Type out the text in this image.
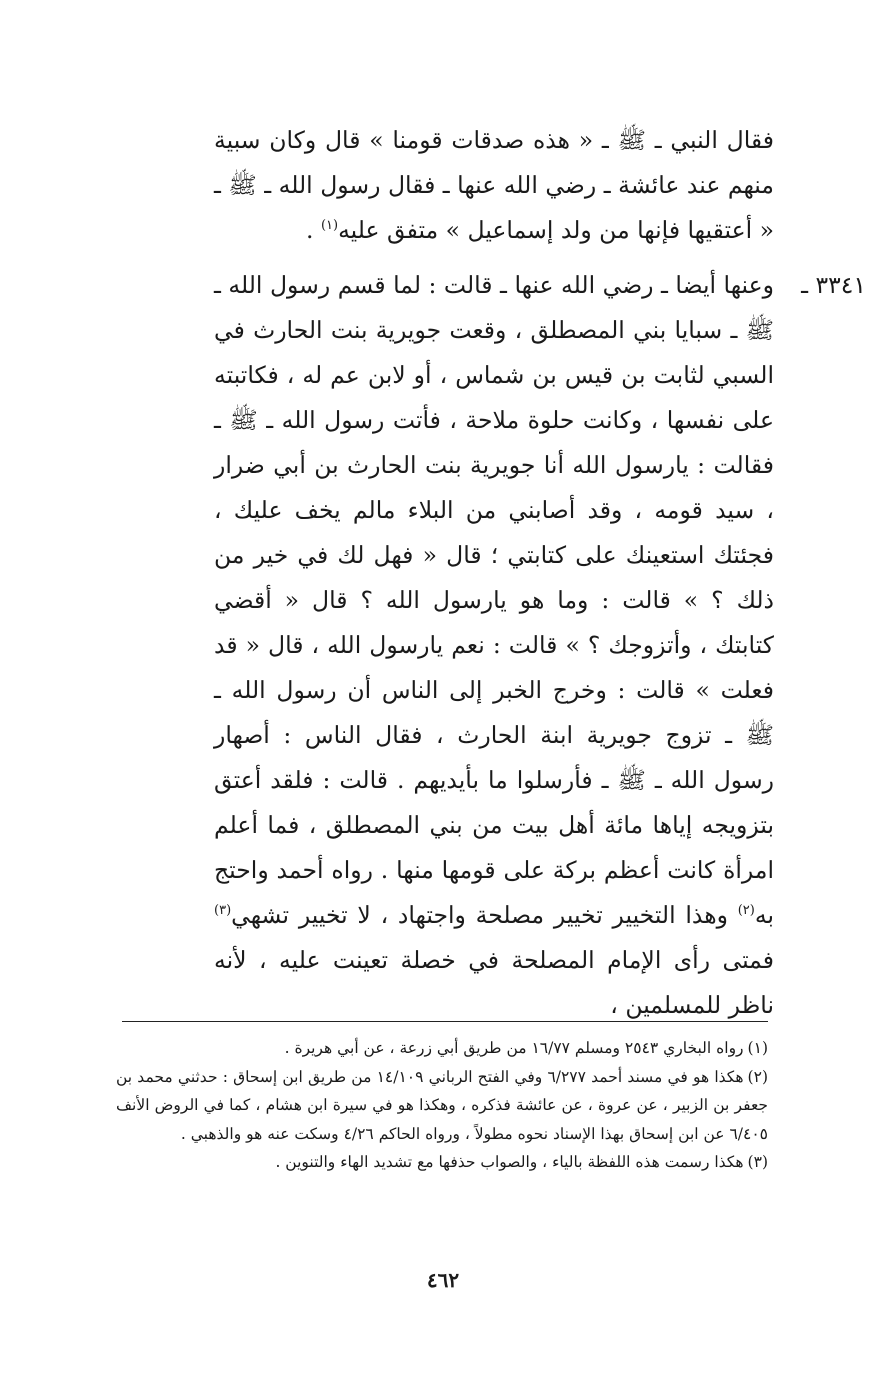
فقال النبي ـ ﷺ ـ « هذه صدقات قومنا » قال وكان سبية منهم عند عائشة ـ رضي الله عنها ـ فقال رسول الله ـ ﷺ ـ « أعتقيها فإنها من ولد إسماعيل » متفق عليه$^{(١)}$ .

٣٣٤١ ـ
وعنها أيضا ـ رضي الله عنها ـ قالت : لما قسم رسول الله ـ ﷺ ـ سبايا بني المصطلق ، وقعت جويرية بنت الحارث في السبي لثابت بن قيس بن شماس ، أو لابن عم له ، فكاتبته على نفسها ، وكانت حلوة ملاحة ، فأتت رسول الله ـ ﷺ ـ فقالت : يارسول الله أنا جويرية بنت الحارث بن أبي ضرار ، سيد قومه ، وقد أصابني من البلاء مالم يخف عليك ، فجئتك استعينك على كتابتي ؛ قال « فهل لك في خير من ذلك ؟ » قالت : وما هو يارسول الله ؟ قال « أقضي كتابتك ، وأتزوجك ؟ » قالت : نعم يارسول الله ، قال « قد فعلت » قالت : وخرج الخبر إلى الناس أن رسول الله ـ ﷺ ـ تزوج جويرية ابنة الحارث ، فقال الناس : أصهار رسول الله ـ ﷺ ـ فأرسلوا ما بأيديهم . قالت : فلقد أعتق بتزويجه إياها مائة أهل بيت من بني المصطلق ، فما أعلم امرأة كانت أعظم بركة على قومها منها . رواه أحمد واحتج به$^{(٢)}$ وهذا التخيير تخيير مصلحة واجتهاد ، لا تخيير تشهي$^{(٣)}$ فمتى رأى الإمام المصلحة في خصلة تعينت عليه ، لأنه ناظر للمسلمين ،

(١)رواه البخاري ٢٥٤٣ ومسلم ١٦/٧٧ من طريق أبي زرعة ، عن أبي هريرة .

(٢)هكذا هو في مسند أحمد ٦/٢٧٧ وفي الفتح الرباني ١٤/١٠٩ من طريق ابن إسحاق : حدثني محمد بن جعفر بن الزبير ، عن عروة ، عن عائشة فذكره ، وهكذا هو في سيرة ابن هشام ، كما في الروض الأنف ٦/٤٠٥ عن ابن إسحاق بهذا الإسناد نحوه مطولاً ، ورواه الحاكم ٤/٢٦ وسكت عنه هو والذهبي .

(٣)هكذا رسمت هذه اللفظة بالياء ، والصواب حذفها مع تشديد الهاء والتنوين .

٤٦٢
